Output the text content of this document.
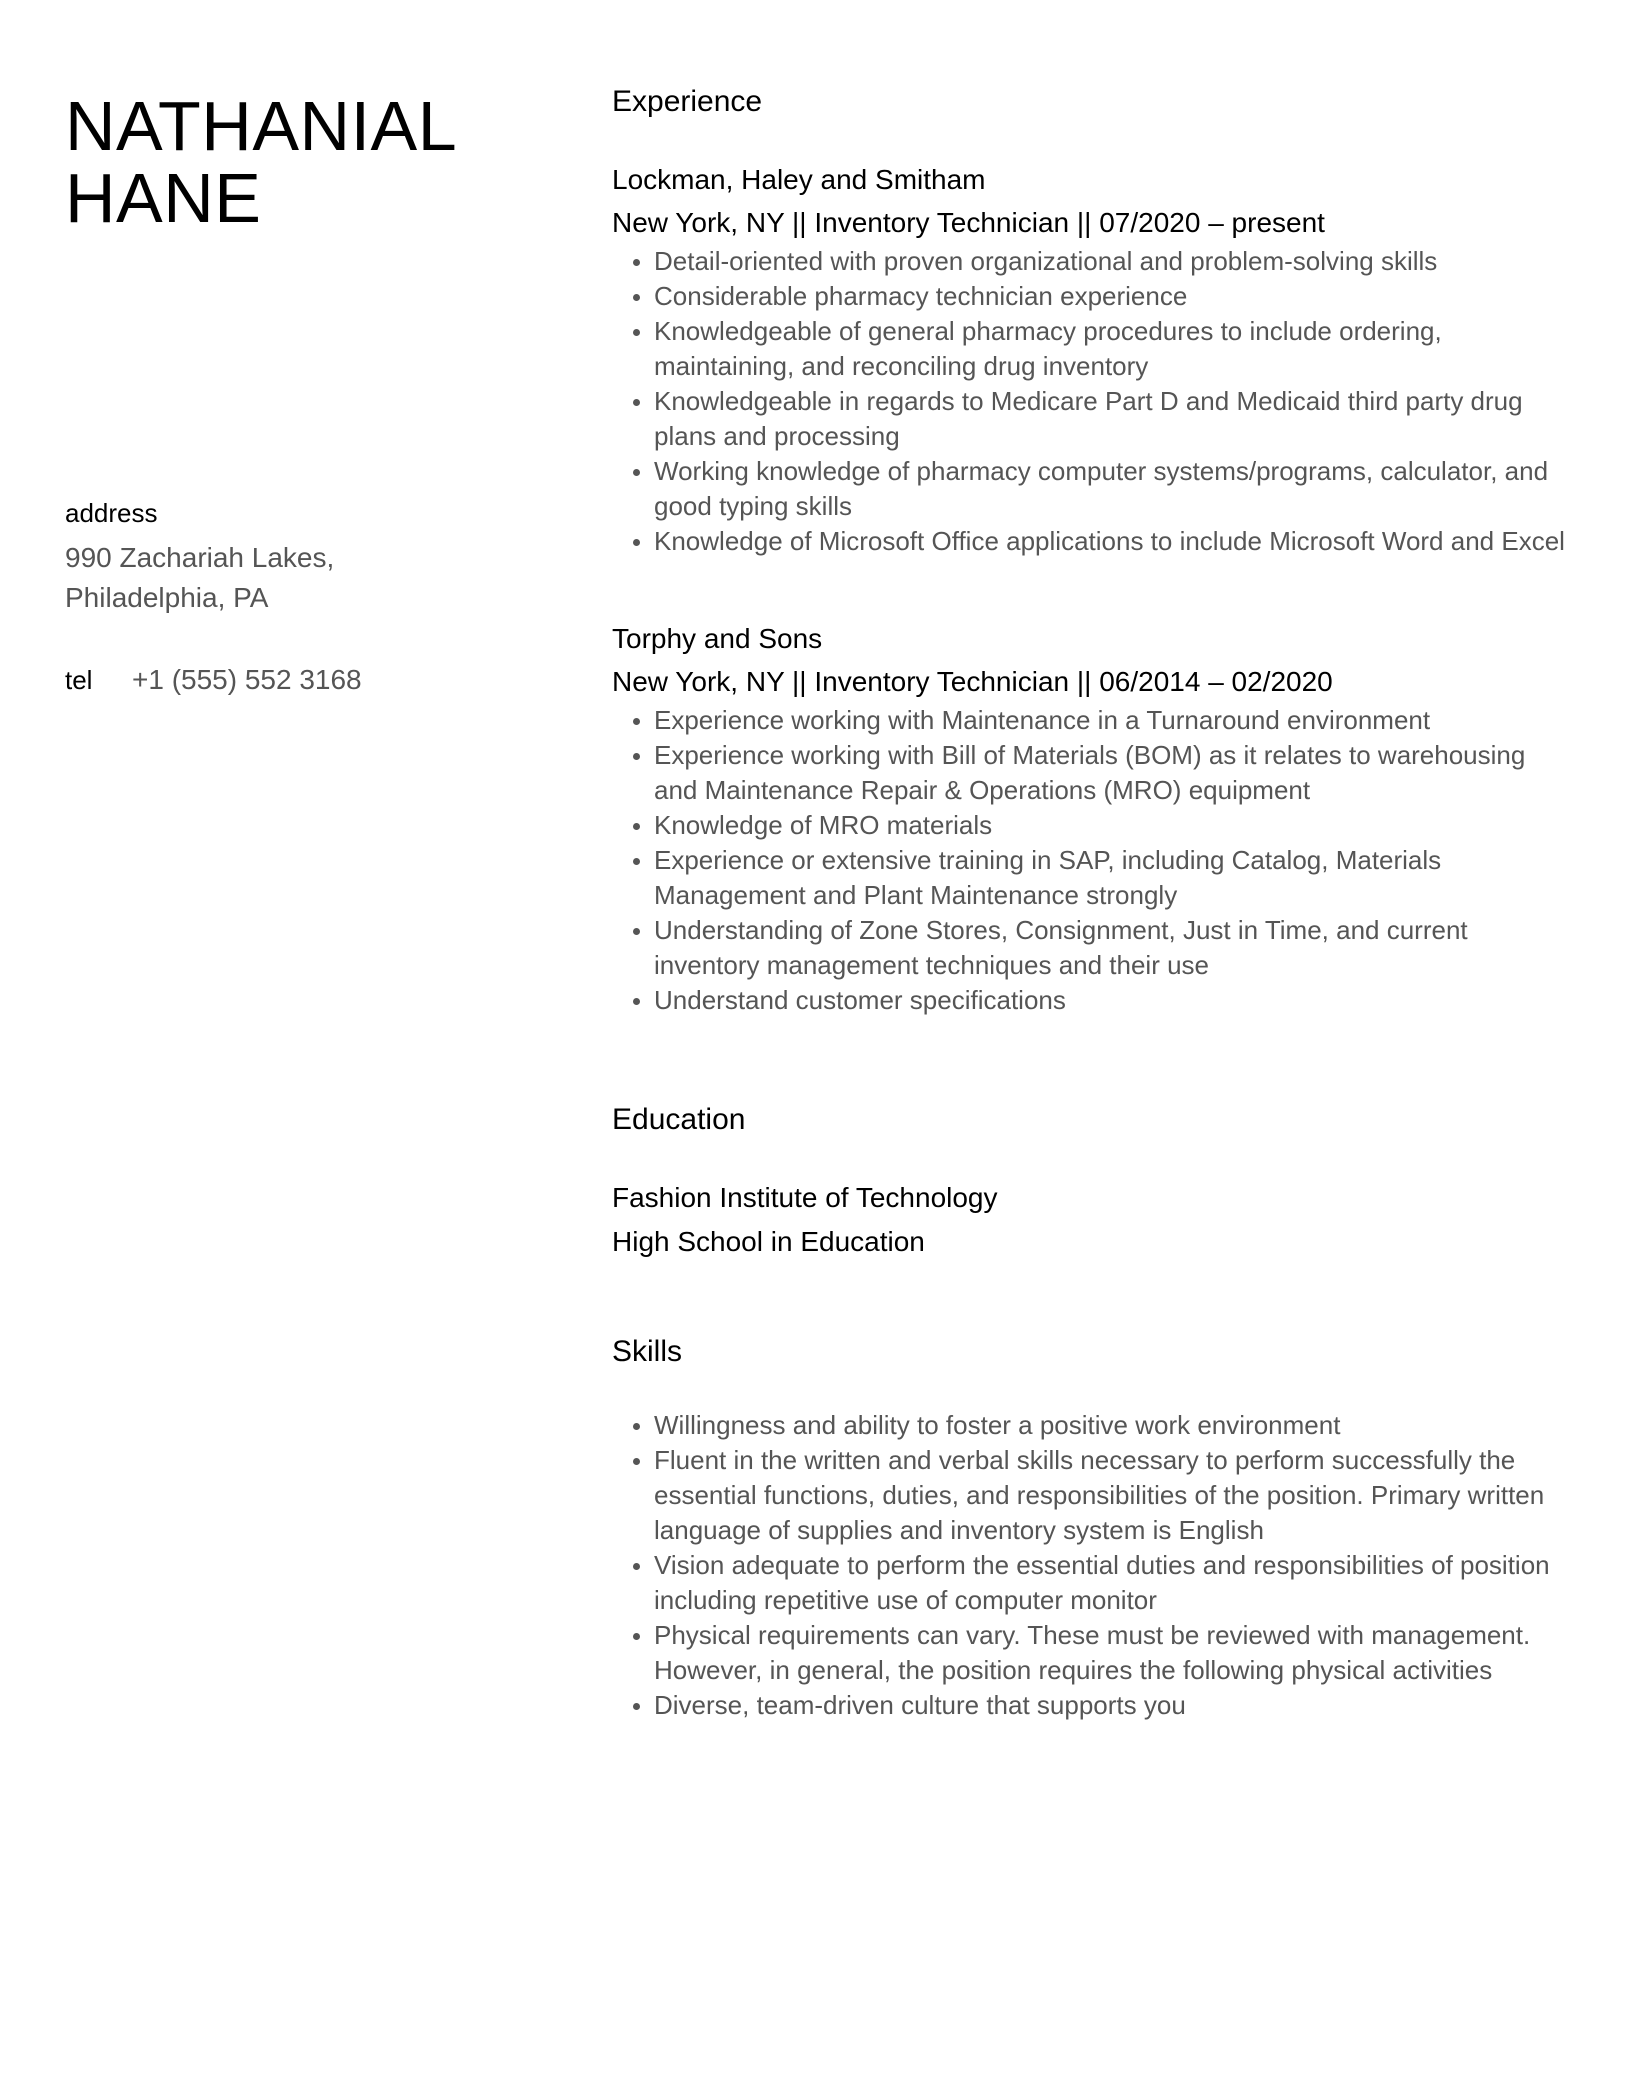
NATHANIAL
HANE
address
990 Zachariah Lakes,
Philadelphia, PA
tel	+1 (555) 552 3168
Experience

Lockman, Haley and Smitham

New York, NY || Inventory Technician || 07/2020 – present

Detail-oriented with proven organizational and problem-solving skills
Considerable pharmacy technician experience
Knowledgeable of general pharmacy procedures to include ordering, maintaining, and reconciling drug inventory
Knowledgeable in regards to Medicare Part D and Medicaid third party drug plans and processing
Working knowledge of pharmacy computer systems/programs, calculator, and good typing skills
Knowledge of Microsoft Office applications to include Microsoft Word and Excel

Torphy and Sons

New York, NY || Inventory Technician || 06/2014 – 02/2020

Experience working with Maintenance in a Turnaround environment
Experience working with Bill of Materials (BOM) as it relates to warehousing and Maintenance Repair & Operations (MRO) equipment
Knowledge of MRO materials
Experience or extensive training in SAP, including Catalog, Materials Management and Plant Maintenance strongly
Understanding of Zone Stores, Consignment, Just in Time, and current inventory management techniques and their use
Understand customer specifications
Education

Fashion Institute of Technology

High School in Education

Skills
Willingness and ability to foster a positive work environment
Fluent in the written and verbal skills necessary to perform successfully the essential functions, duties, and responsibilities of the position. Primary written language of supplies and inventory system is English
Vision adequate to perform the essential duties and responsibilities of position including repetitive use of computer monitor
Physical requirements can vary. These must be reviewed with management. However, in general, the position requires the following physical activities
Diverse, team-driven culture that supports you
